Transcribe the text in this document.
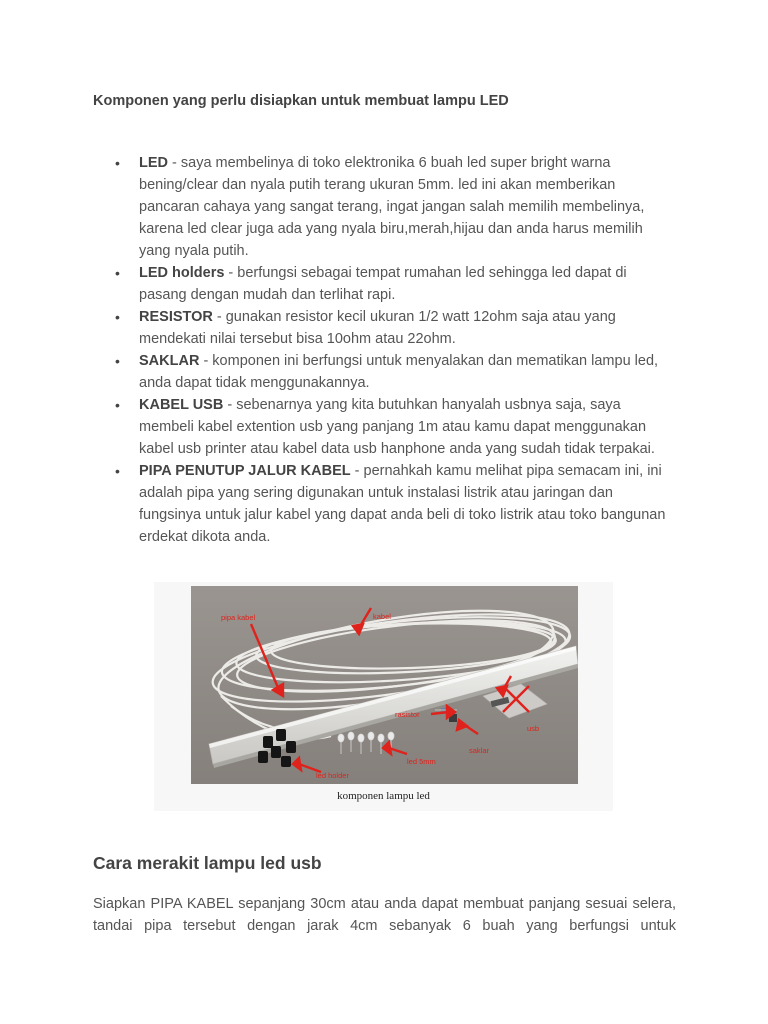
Komponen yang perlu disiapkan untuk membuat lampu LED

• LED - saya membelinya di toko elektronika 6 buah led super bright warna bening/clear dan nyala putih terang ukuran 5mm. led ini akan memberikan pancaran cahaya yang sangat terang, ingat jangan salah memilih membelinya, karena led clear juga ada yang nyala biru,merah,hijau dan anda harus memilih yang nyala putih.
• LED holders - berfungsi sebagai tempat rumahan led sehingga led dapat di pasang dengan mudah dan terlihat rapi.
• RESISTOR - gunakan resistor kecil ukuran 1/2 watt 12ohm saja atau yang mendekati nilai tersebut bisa 10ohm atau 22ohm.
• SAKLAR - komponen ini berfungsi untuk menyalakan dan mematikan lampu led, anda dapat tidak menggunakannya.
• KABEL USB - sebenarnya yang kita butuhkan hanyalah usbnya saja, saya membeli kabel extention usb yang panjang 1m atau kamu dapat menggunakan kabel usb printer atau kabel data usb hanphone anda yang sudah tidak terpakai.
• PIPA PENUTUP JALUR KABEL - pernahkah kamu melihat pipa semacam ini, ini adalah pipa yang sering digunakan untuk instalasi listrik atau jaringan dan fungsinya untuk jalur kabel yang dapat anda beli di toko listrik atau toko bangunan erdekat dikota anda.
pipa kabel	kabel
rasistor
usb
saklar
led 5mm
led holder
komponen lampu led
Cara merakit lampu led usb

Siapkan PIPA KABEL sepanjang 30cm atau anda dapat membuat panjang sesuai selera, tandai pipa tersebut dengan jarak 4cm sebanyak 6 buah yang berfungsi untuk
